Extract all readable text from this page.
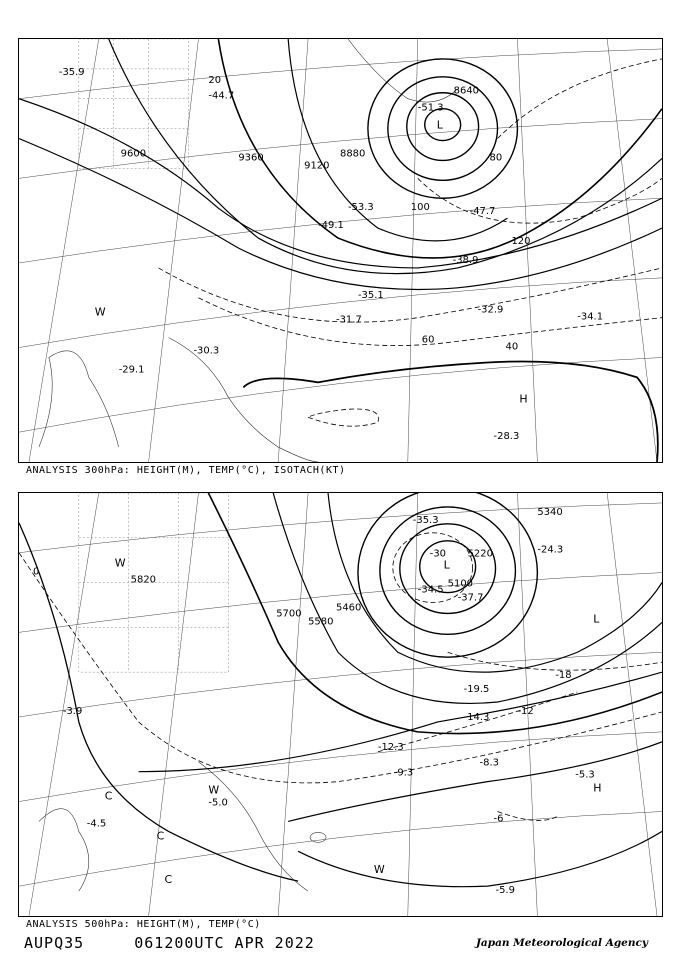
9600	9360
9120
8880
8640
20
40
60
80
100
120
L
H
W
-35.9
-51.3
-53.3
-49.1
-47.7
-38.9
-35.1
-31.7
-32.9
-34.1
-28.3
-30.3
-29.1
-44.7
ANALYSIS 300hPa: HEIGHT(M), TEMP(°C), ISOTACH(KT)
5820
5700
5580
5460
5340
5220
5100
-30
-18
-12
-6
0
L
L
H
W
W
W
C
C
C
-34.5
-37.7
-35.3
-24.3
-19.5
-14.3
-12.3
-9.3
-8.3
-5.3
-5.9
-5.0
-4.5
-3.9
ANALYSIS 500hPa: HEIGHT(M), TEMP(°C)
AUPQ35	061200UTC APR 2022	Japan Meteorological Agency
